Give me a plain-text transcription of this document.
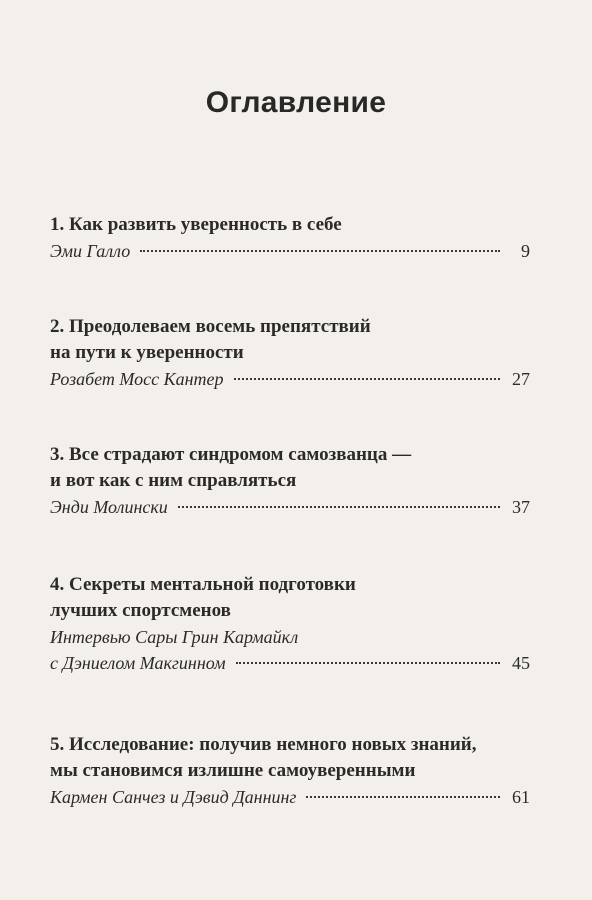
Оглавление
1. Как развить уверенность в себе
Эми Галло	9
2. Преодолеваем восемь препятствий
на пути к уверенности
Розабет Мосс Кантер	27
3. Все страдают синдромом самозванца —
и вот как с ним справляться
Энди Молински	37
4. Секреты ментальной подготовки
лучших спортсменов
Интервью Сары Грин Кармайкл
с Дэниелом Макгинном	45
5. Исследование: получив немного новых знаний,
мы становимся излишне самоуверенными
Кармен Санчез и Дэвид Даннинг	61
